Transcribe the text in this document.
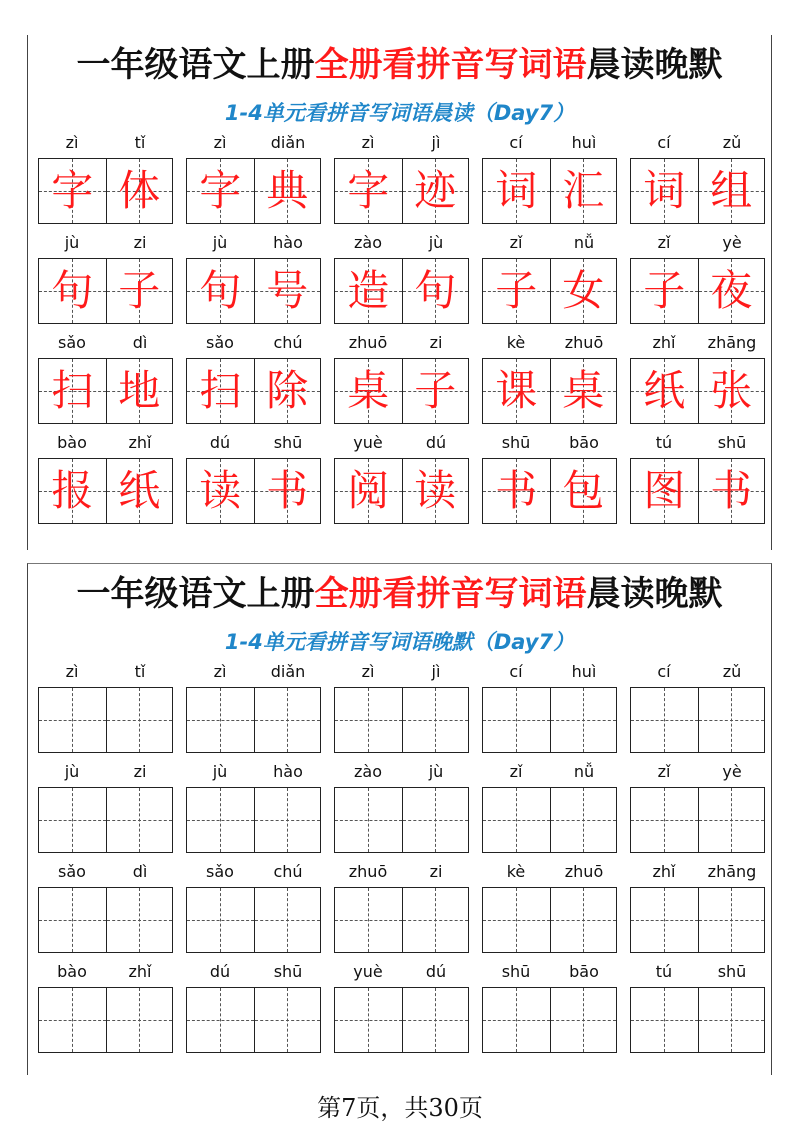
一年级语文上册全册看拼音写词语晨读晚默
1-4单元看拼音写词语晨读（Day7）
zì	tǐ
字 体
zì	diǎn
字 典
zì	jì
字 迹
cí	huì
词 汇
cí	zǔ
词 组
jù	zi
句 子
jù	hào
句 号
zào	jù
造 句
zǐ	nǚ
子 女
zǐ	yè
子 夜
sǎo	dì
扫 地
sǎo	chú
扫 除
zhuō	zi
桌 子
kè	zhuō
课 桌
zhǐ	zhāng
纸 张
bào	zhǐ
报 纸
dú	shū
读 书
yuè	dú
阅 读
shū	bāo
书 包
tú	shū
图 书
一年级语文上册全册看拼音写词语晨读晚默
1-4单元看拼音写词语晚默（Day7）
zì	tǐ	zì	diǎn	zì	jì	cí	huì	cí	zǔ
jù	zi	jù	hào	zào	jù	zǐ	nǚ	zǐ	yè
sǎo	dì	sǎo	chú	zhuō	zi	kè	zhuō	zhǐ	zhāng
bào	zhǐ	dú	shū	yuè	dú	shū	bāo	tú	shū
第7页，共30页
